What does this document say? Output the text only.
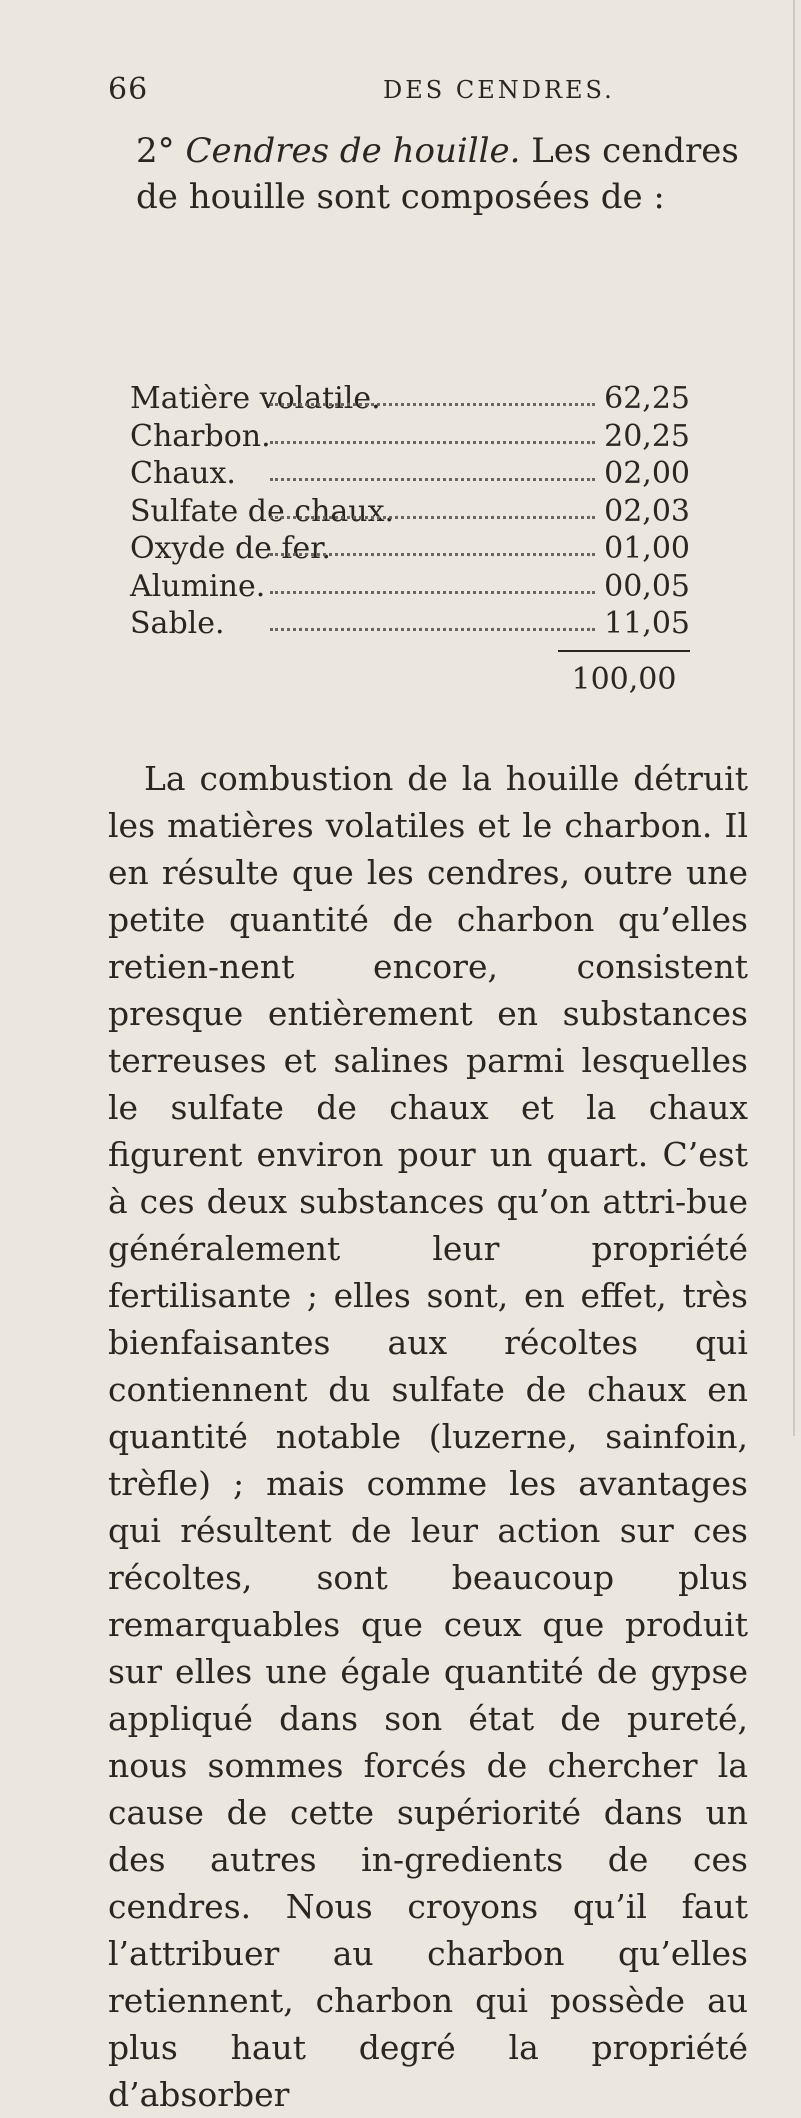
66	DES CENDRES.
2° Cendres de houille. Les cendres de houille sont composées de :
Matière volatile.	62,25
Charbon.	20,25
Chaux.	02,00
Sulfate de chaux.	02,03
Oxyde de fer.	01,00
Alumine.	00,05
Sable.	11,05
100,00

La combustion de la houille détruit les matières volatiles et le charbon. Il en résulte que les cendres, outre une petite quantité de charbon qu’elles retien-nent encore, consistent presque entièrement en substances terreuses et salines parmi lesquelles le sulfate de chaux et la chaux figurent environ pour un quart. C’est à ces deux substances qu’on attri-bue généralement leur propriété fertilisante ; elles sont, en effet, très bienfaisantes aux récoltes qui contiennent du sulfate de chaux en quantité notable (luzerne, sainfoin, trèfle) ; mais comme les avantages qui résultent de leur action sur ces récoltes, sont beaucoup plus remarquables que ceux que produit sur elles une égale quantité de gypse appliqué dans son état de pureté, nous sommes forcés de chercher la cause de cette supériorité dans un des autres in-gredients de ces cendres. Nous croyons qu’il faut l’attribuer au charbon qu’elles retiennent, charbon qui possède au plus haut degré la propriété d’absorber
